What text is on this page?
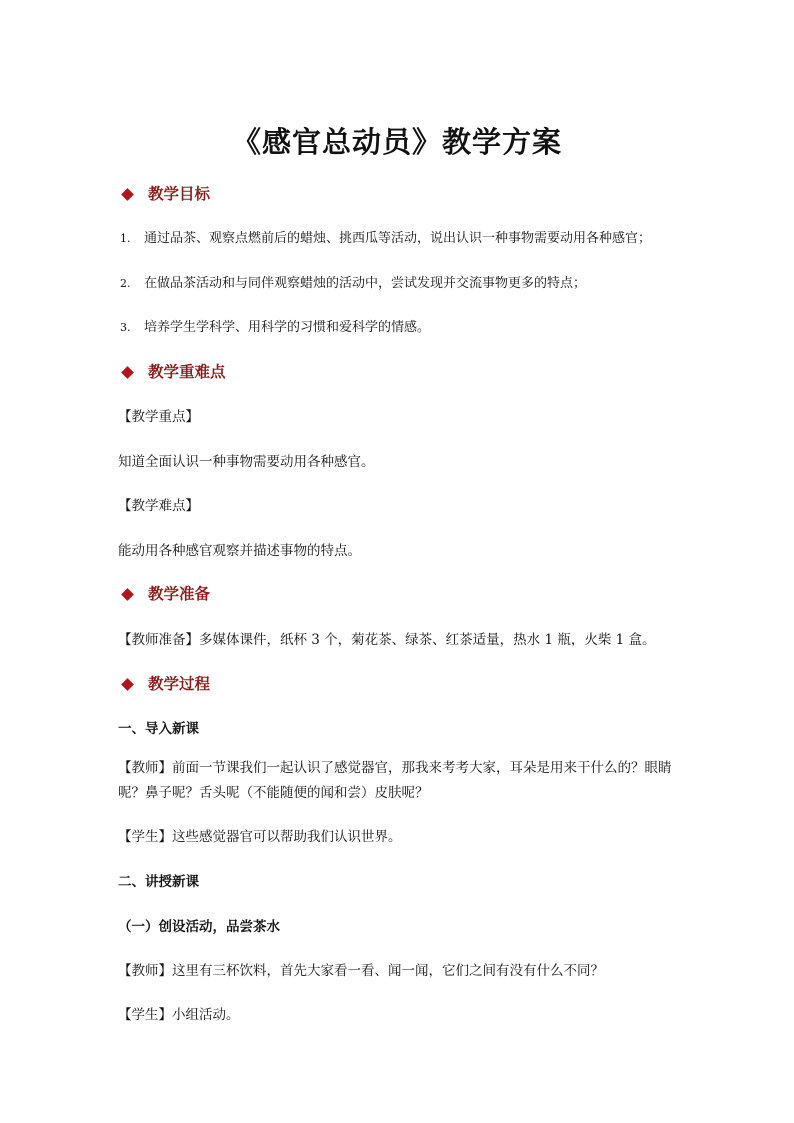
《感官总动员》教学方案
教学目标
1.	通过品茶、观察点燃前后的蜡烛、挑西瓜等活动，说出认识一种事物需要动用各种感官；
2.	在做品茶活动和与同伴观察蜡烛的活动中，尝试发现并交流事物更多的特点；
3.	培养学生学科学、用科学的习惯和爱科学的情感。
教学重难点
【教学重点】
知道全面认识一种事物需要动用各种感官。
【教学难点】
能动用各种感官观察并描述事物的特点。
教学准备
【教师准备】多媒体课件，纸杯 3 个，菊花茶、绿茶、红茶适量，热水 1 瓶，火柴 1 盒。
教学过程
一、导入新课
【教师】前面一节课我们一起认识了感觉器官，那我来考考大家，耳朵是用来干什么的？眼睛呢？鼻子呢？舌头呢（不能随便的闻和尝）皮肤呢？
【学生】这些感觉器官可以帮助我们认识世界。
二、讲授新课
（一）创设活动，品尝茶水
【教师】这里有三杯饮料，首先大家看一看、闻一闻，它们之间有没有什么不同？
【学生】小组活动。
